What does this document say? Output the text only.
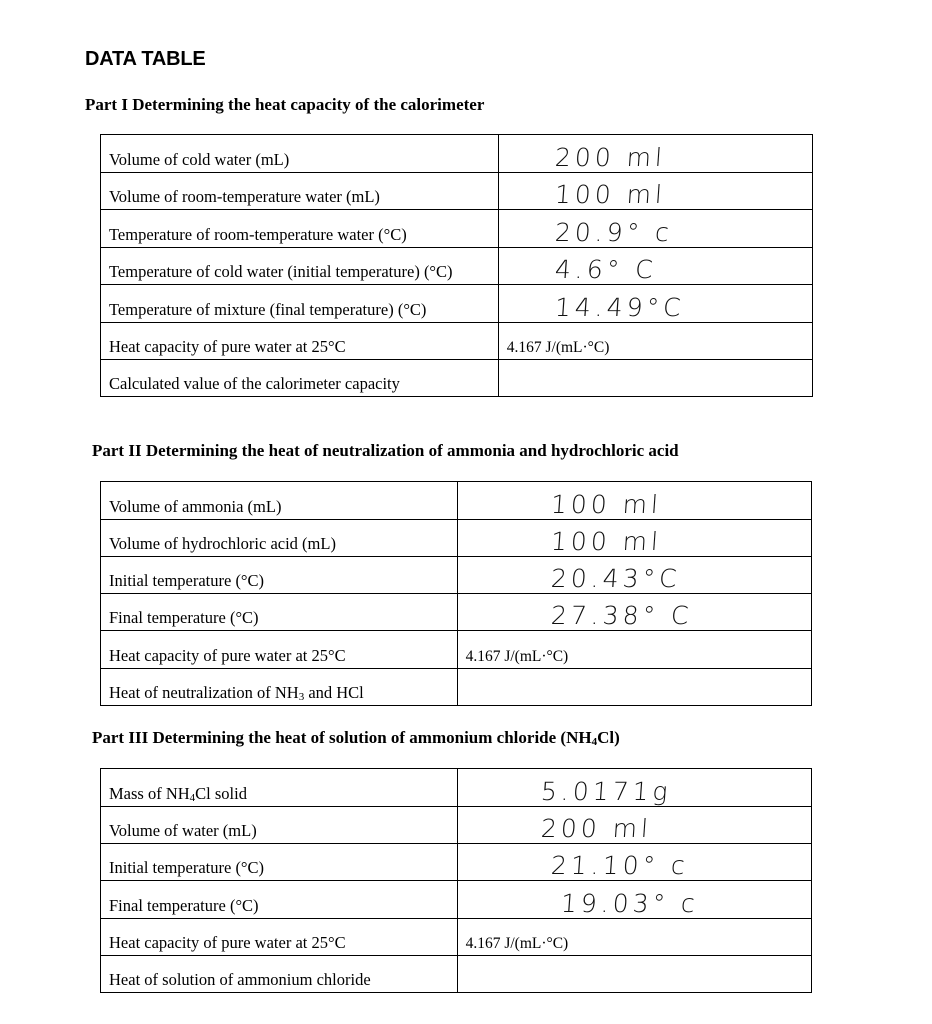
DATA TABLE
Part I Determining the heat capacity of the calorimeter
Volume of cold water (mL)	200 ml

Volume of room-temperature water (mL)	100 ml

Temperature of room-temperature water (°C)	20.9° c

Temperature of cold water (initial temperature) (°C)	4.6° C

Temperature of mixture (final temperature) (°C)	14.49°C

Heat capacity of pure water at 25°C	4.167 J/(mL·°C)
Calculated value of the calorimeter capacity	
Part II Determining the heat of neutralization of ammonia and hydrochloric acid
Volume of ammonia (mL)	100 ml

Volume of hydrochloric acid (mL)	100 ml

Initial temperature (°C)	20.43°C

Final temperature (°C)	27.38° C

Heat capacity of pure water at 25°C	4.167 J/(mL·°C)
Heat of neutralization of $NH_3$ and HCl	
Part III Determining the heat of solution of ammonium chloride $(NH_4Cl)$
Mass of $NH_4Cl$ solid	5.0171g

Volume of water (mL)	200 ml

Initial temperature (°C)	21.10° c

Final temperature (°C)	19.03° c

Heat capacity of pure water at 25°C	4.167 J/(mL·°C)
Heat of solution of ammonium chloride	
